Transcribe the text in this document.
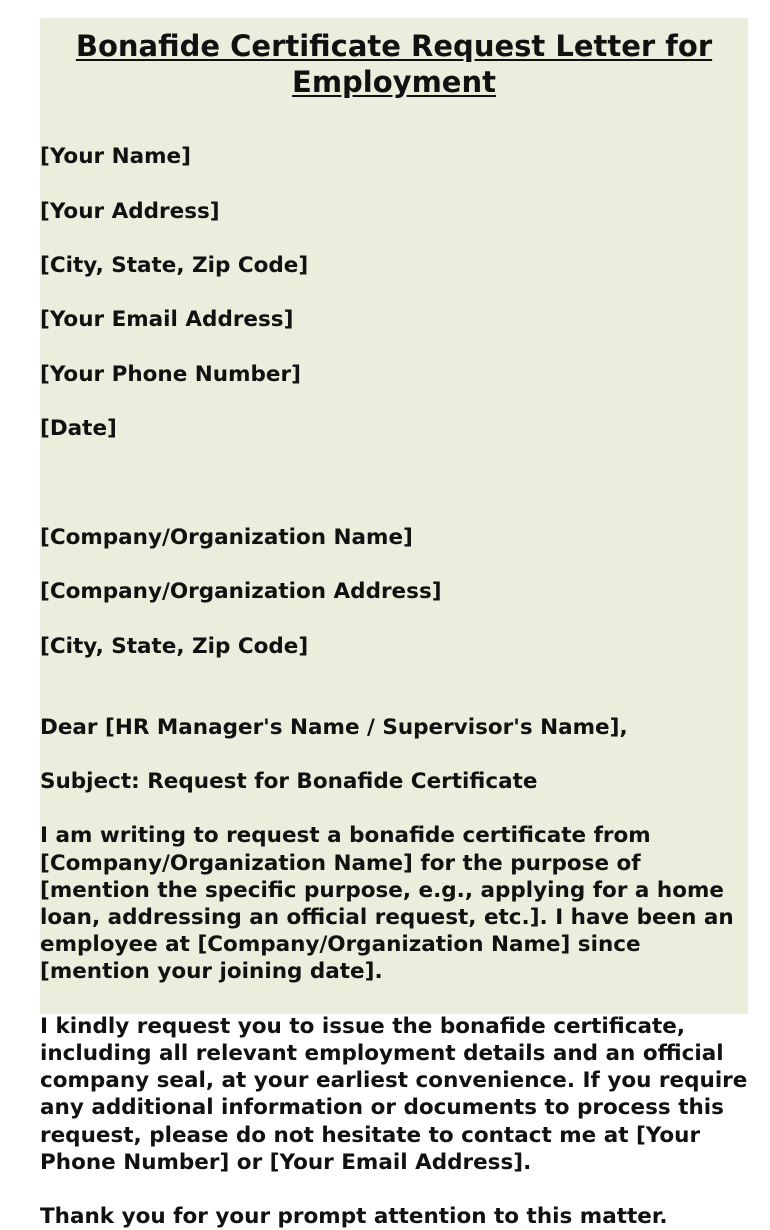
Bonafide Certificate Request Letter for Employment

[Your Name]

[Your Address]

[City, State, Zip Code]

[Your Email Address]

[Your Phone Number]

[Date]

[Company/Organization Name]

[Company/Organization Address]

[City, State, Zip Code]

Dear [HR Manager's Name / Supervisor's Name],
Subject: Request for Bonafide Certificate
I am writing to request a bonafide certificate from [Company/Organization Name] for the purpose of [mention the specific purpose, e.g., applying for a home loan, addressing an official request, etc.]. I have been an employee at [Company/Organization Name] since [mention your joining date].
I kindly request you to issue the bonafide certificate, including all relevant employment details and an official company seal, at your earliest convenience. If you require any additional information or documents to process this request, please do not hesitate to contact me at [Your Phone Number] or [Your Email Address].
Thank you for your prompt attention to this matter.
